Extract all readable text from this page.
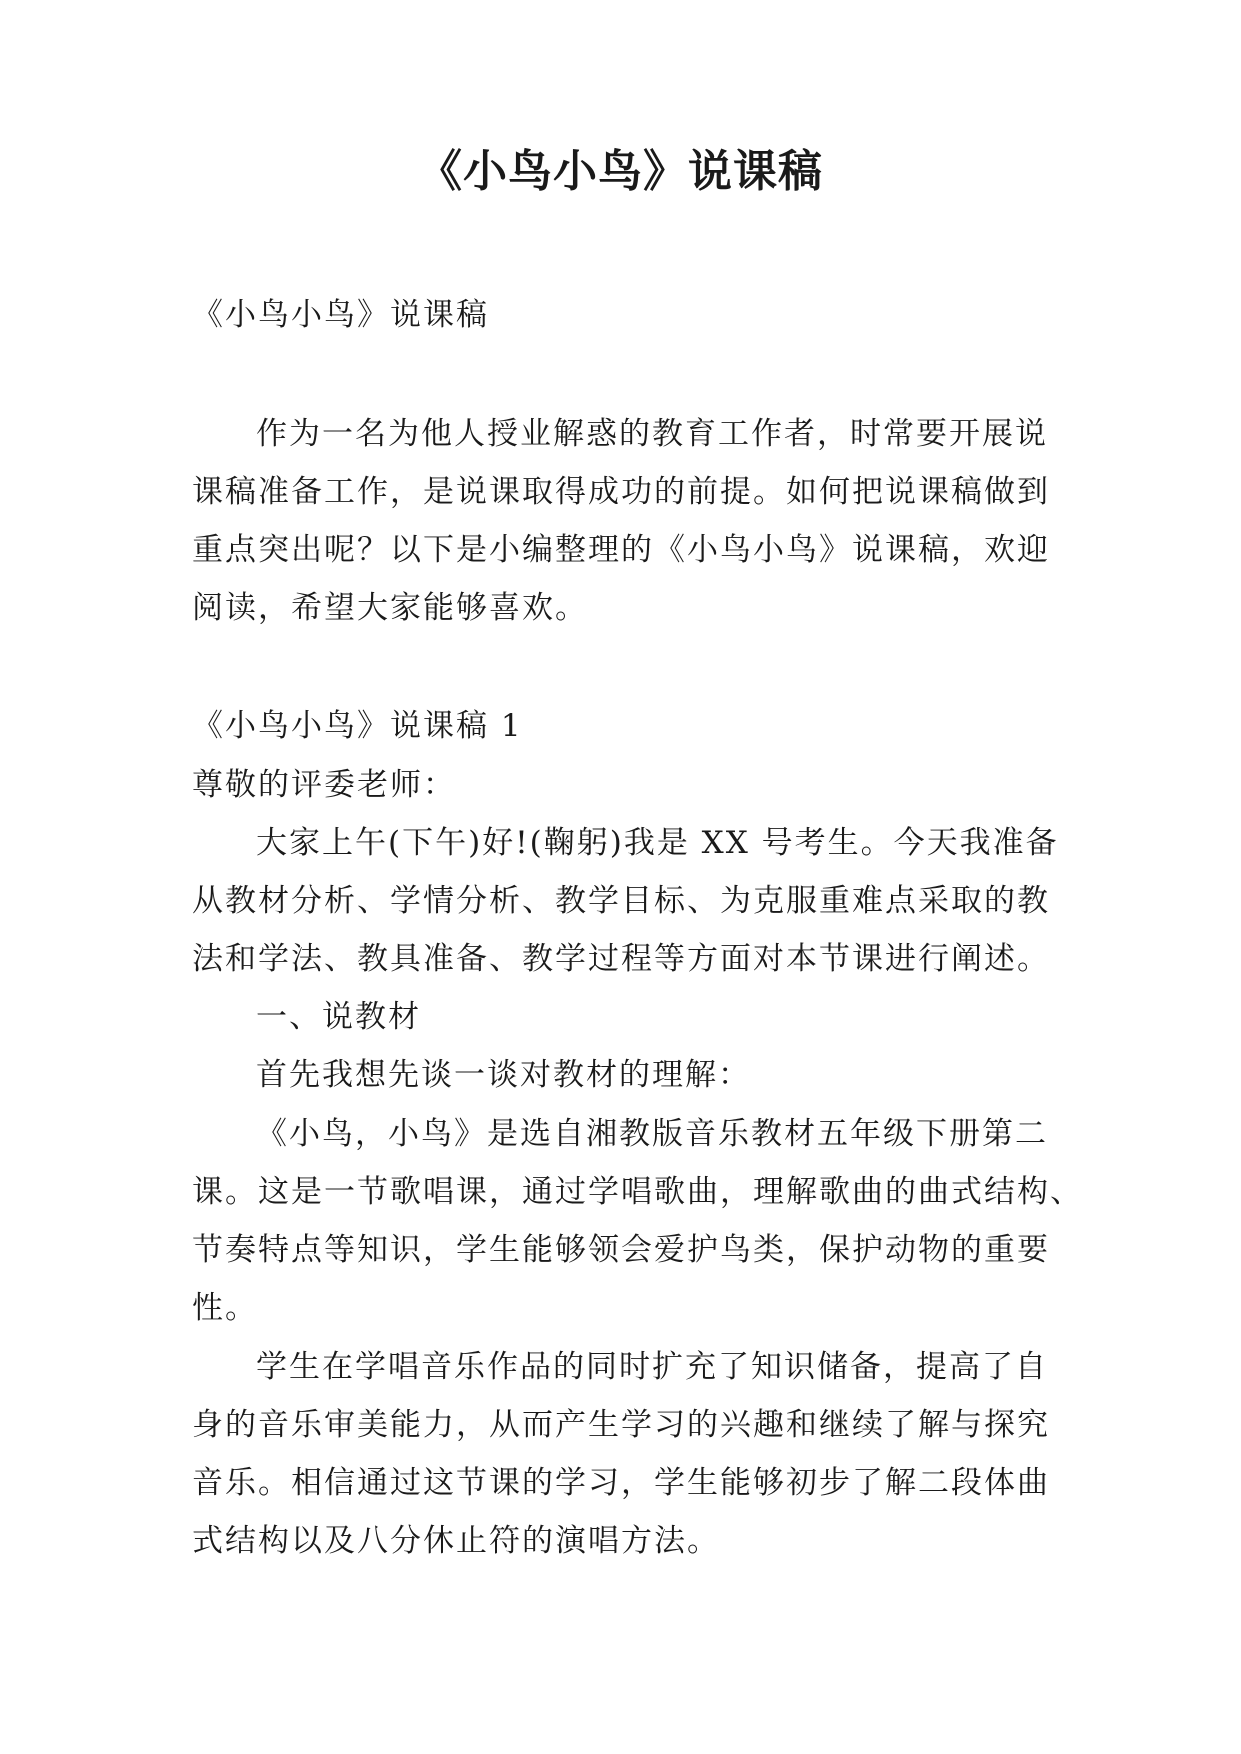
《小鸟小鸟》说课稿
《小鸟小鸟》说课稿
作为一名为他人授业解惑的教育工作者，时常要开展说
课稿准备工作，是说课取得成功的前提。如何把说课稿做到
重点突出呢？以下是小编整理的《小鸟小鸟》说课稿，欢迎
阅读，希望大家能够喜欢。
《小鸟小鸟》说课稿 1
尊敬的评委老师：
大家上午(下午)好!(鞠躬)我是 XX 号考生。今天我准备
从教材分析、学情分析、教学目标、为克服重难点采取的教
法和学法、教具准备、教学过程等方面对本节课进行阐述。
一、说教材
首先我想先谈一谈对教材的理解：
《小鸟，小鸟》是选自湘教版音乐教材五年级下册第二
课。这是一节歌唱课，通过学唱歌曲，理解歌曲的曲式结构、
节奏特点等知识，学生能够领会爱护鸟类，保护动物的重要
性。
学生在学唱音乐作品的同时扩充了知识储备，提高了自
身的音乐审美能力，从而产生学习的兴趣和继续了解与探究
音乐。相信通过这节课的学习，学生能够初步了解二段体曲
式结构以及八分休止符的演唱方法。
